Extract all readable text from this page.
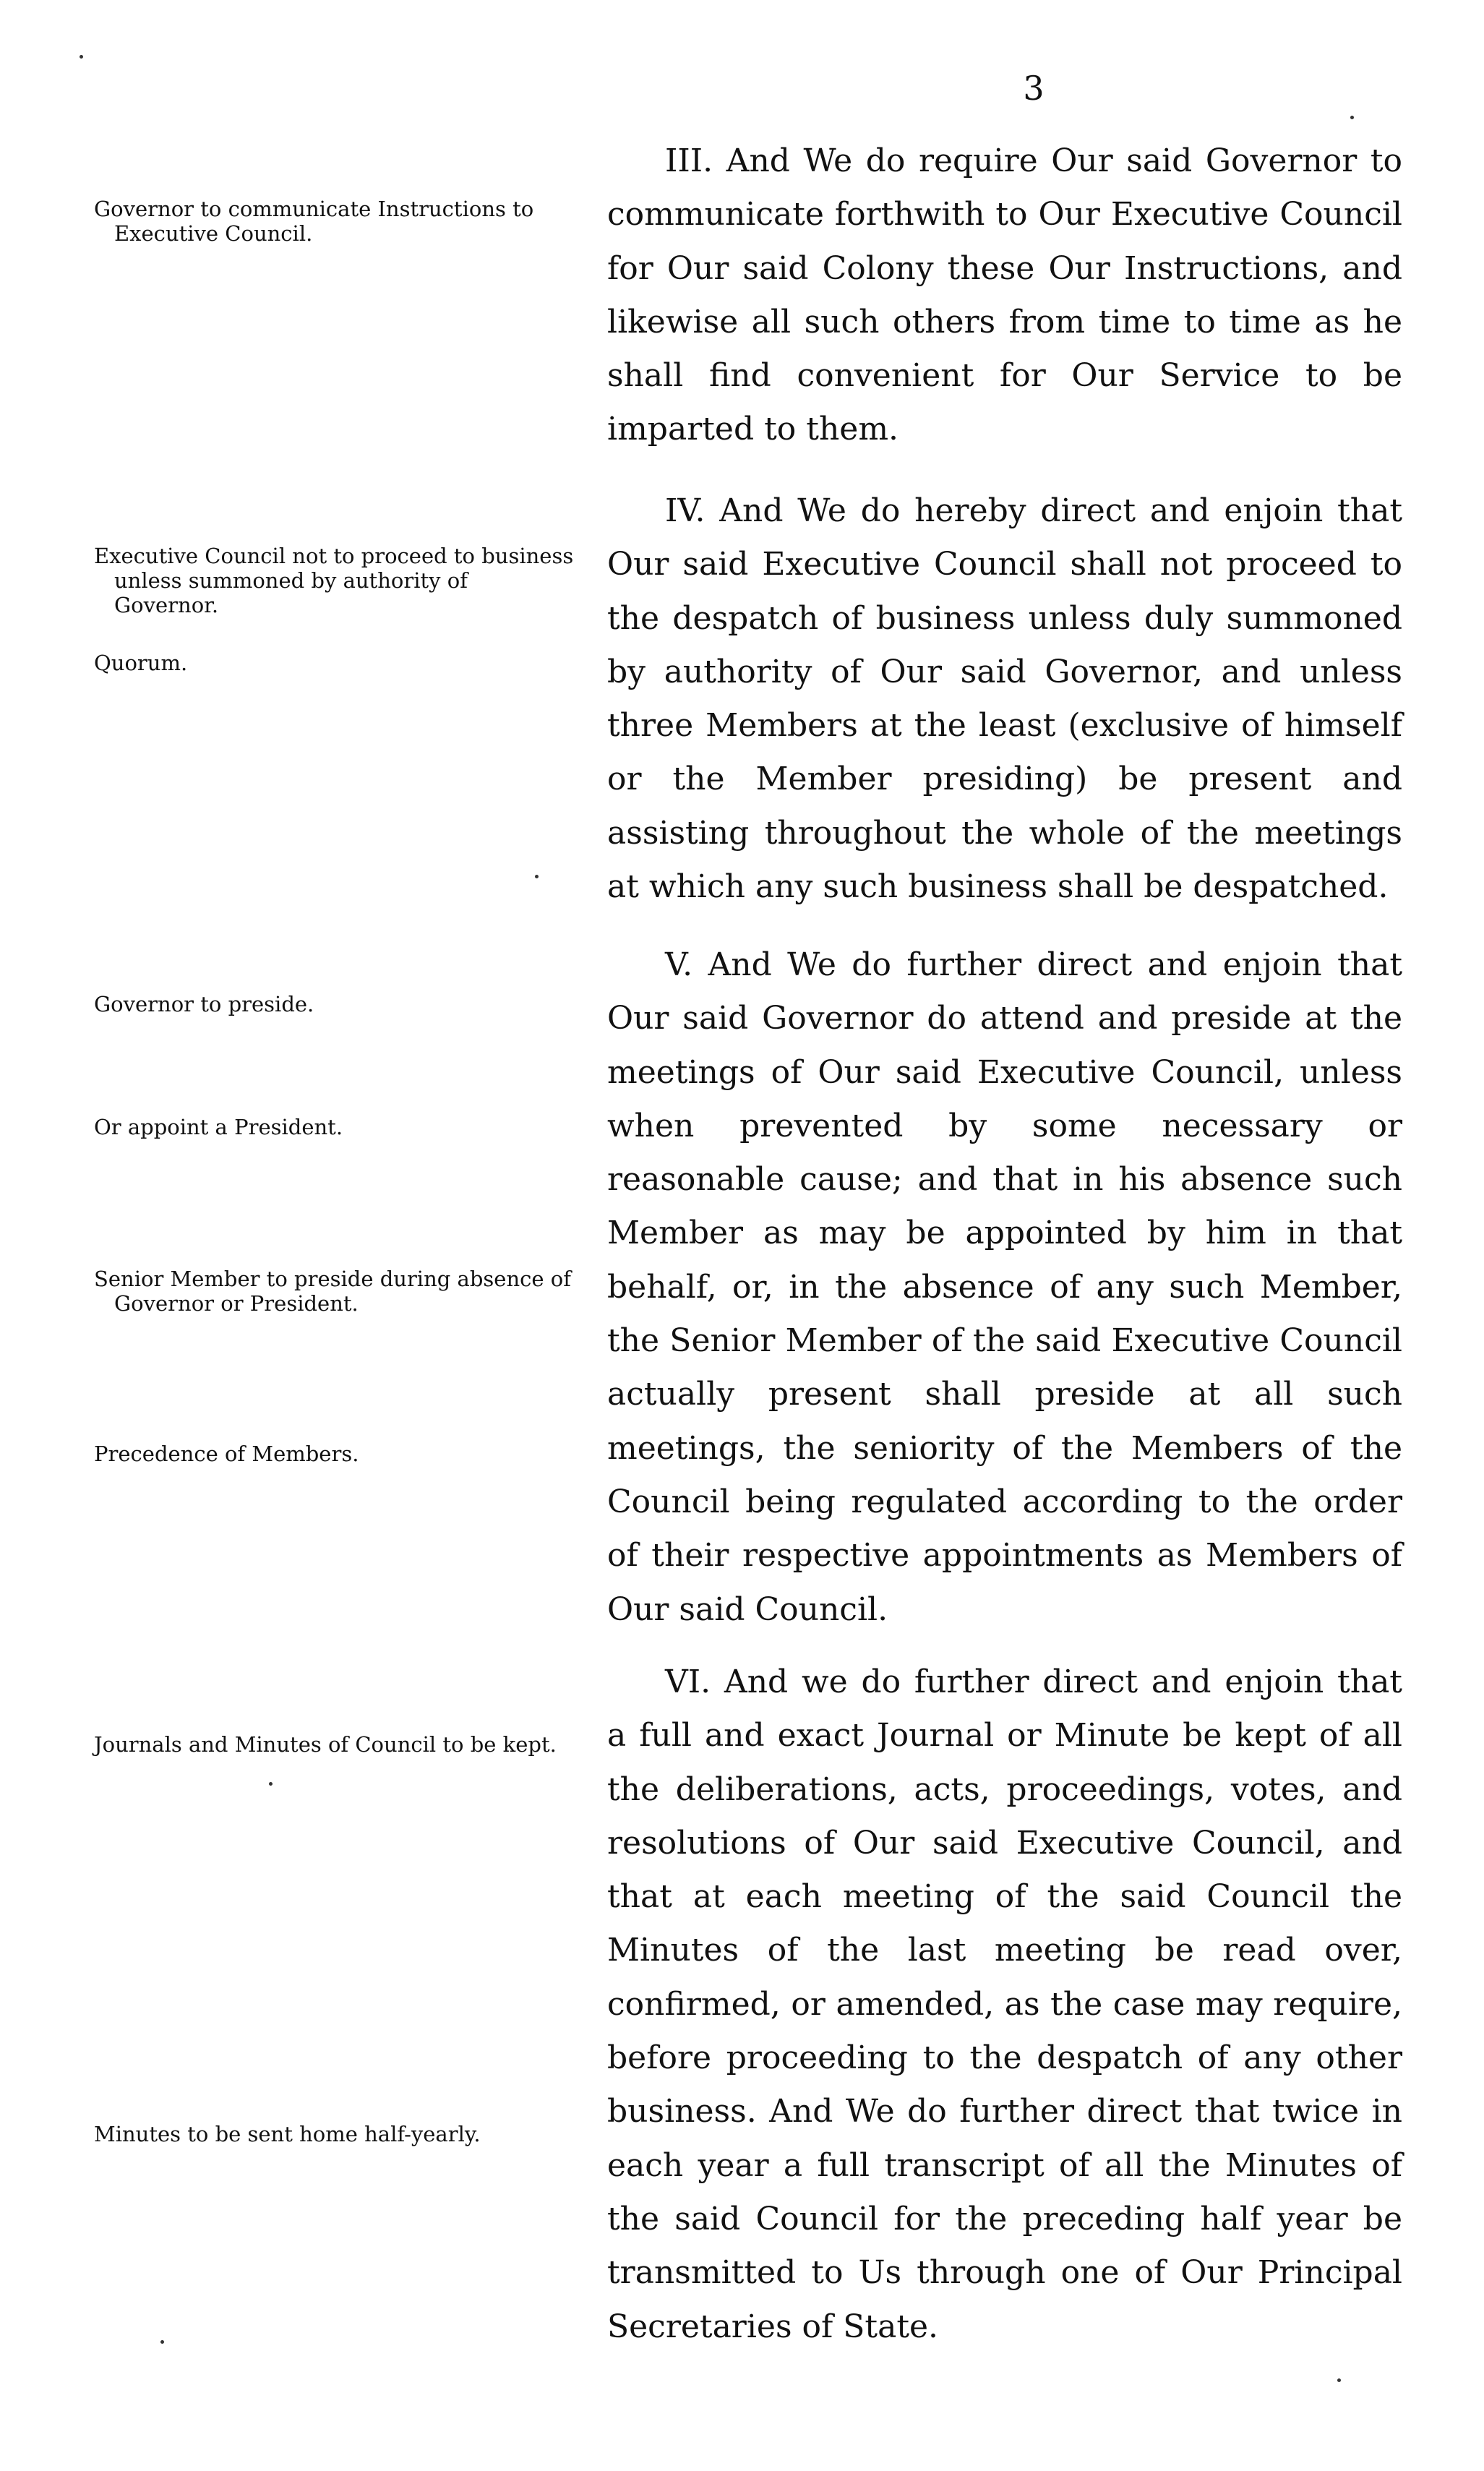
3
Governor to communicate Instructions to Executive Council.
Executive Council not to proceed to business unless summoned by authority of Governor.
Quorum.
Governor to preside.
Or appoint a President.
Senior Member to preside during absence of Governor or President.
Precedence of Members.
Journals and Minutes of Council to be kept.
Minutes to be sent home half-yearly.

III. And We do require Our said Governor to communicate forthwith to Our Executive Council for Our said Colony these Our Instructions, and likewise all such others from time to time as he shall find convenient for Our Service to be imparted to them.

IV. And We do hereby direct and enjoin that Our said Executive Council shall not proceed to the despatch of business unless duly summoned by authority of Our said Governor, and unless three Members at the least (exclusive of himself or the Member presiding) be present and assisting throughout the whole of the meetings at which any such business shall be despatched.

V. And We do further direct and enjoin that Our said Governor do attend and preside at the meetings of Our said Executive Council, unless when prevented by some necessary or reasonable cause; and that in his absence such Member as may be appointed by him in that behalf, or, in the absence of any such Member, the Senior Member of the said Executive Council actually present shall preside at all such meetings, the seniority of the Members of the Council being regulated according to the order of their respective appointments as Members of Our said Council.

VI. And we do further direct and enjoin that a full and exact Journal or Minute be kept of all the deliberations, acts, proceedings, votes, and resolutions of Our said Executive Council, and that at each meeting of the said Council the Minutes of the last meeting be read over, confirmed, or amended, as the case may require, before proceeding to the despatch of any other business. And We do further direct that twice in each year a full transcript of all the Minutes of the said Council for the preceding half year be transmitted to Us through one of Our Principal Secretaries of State.
